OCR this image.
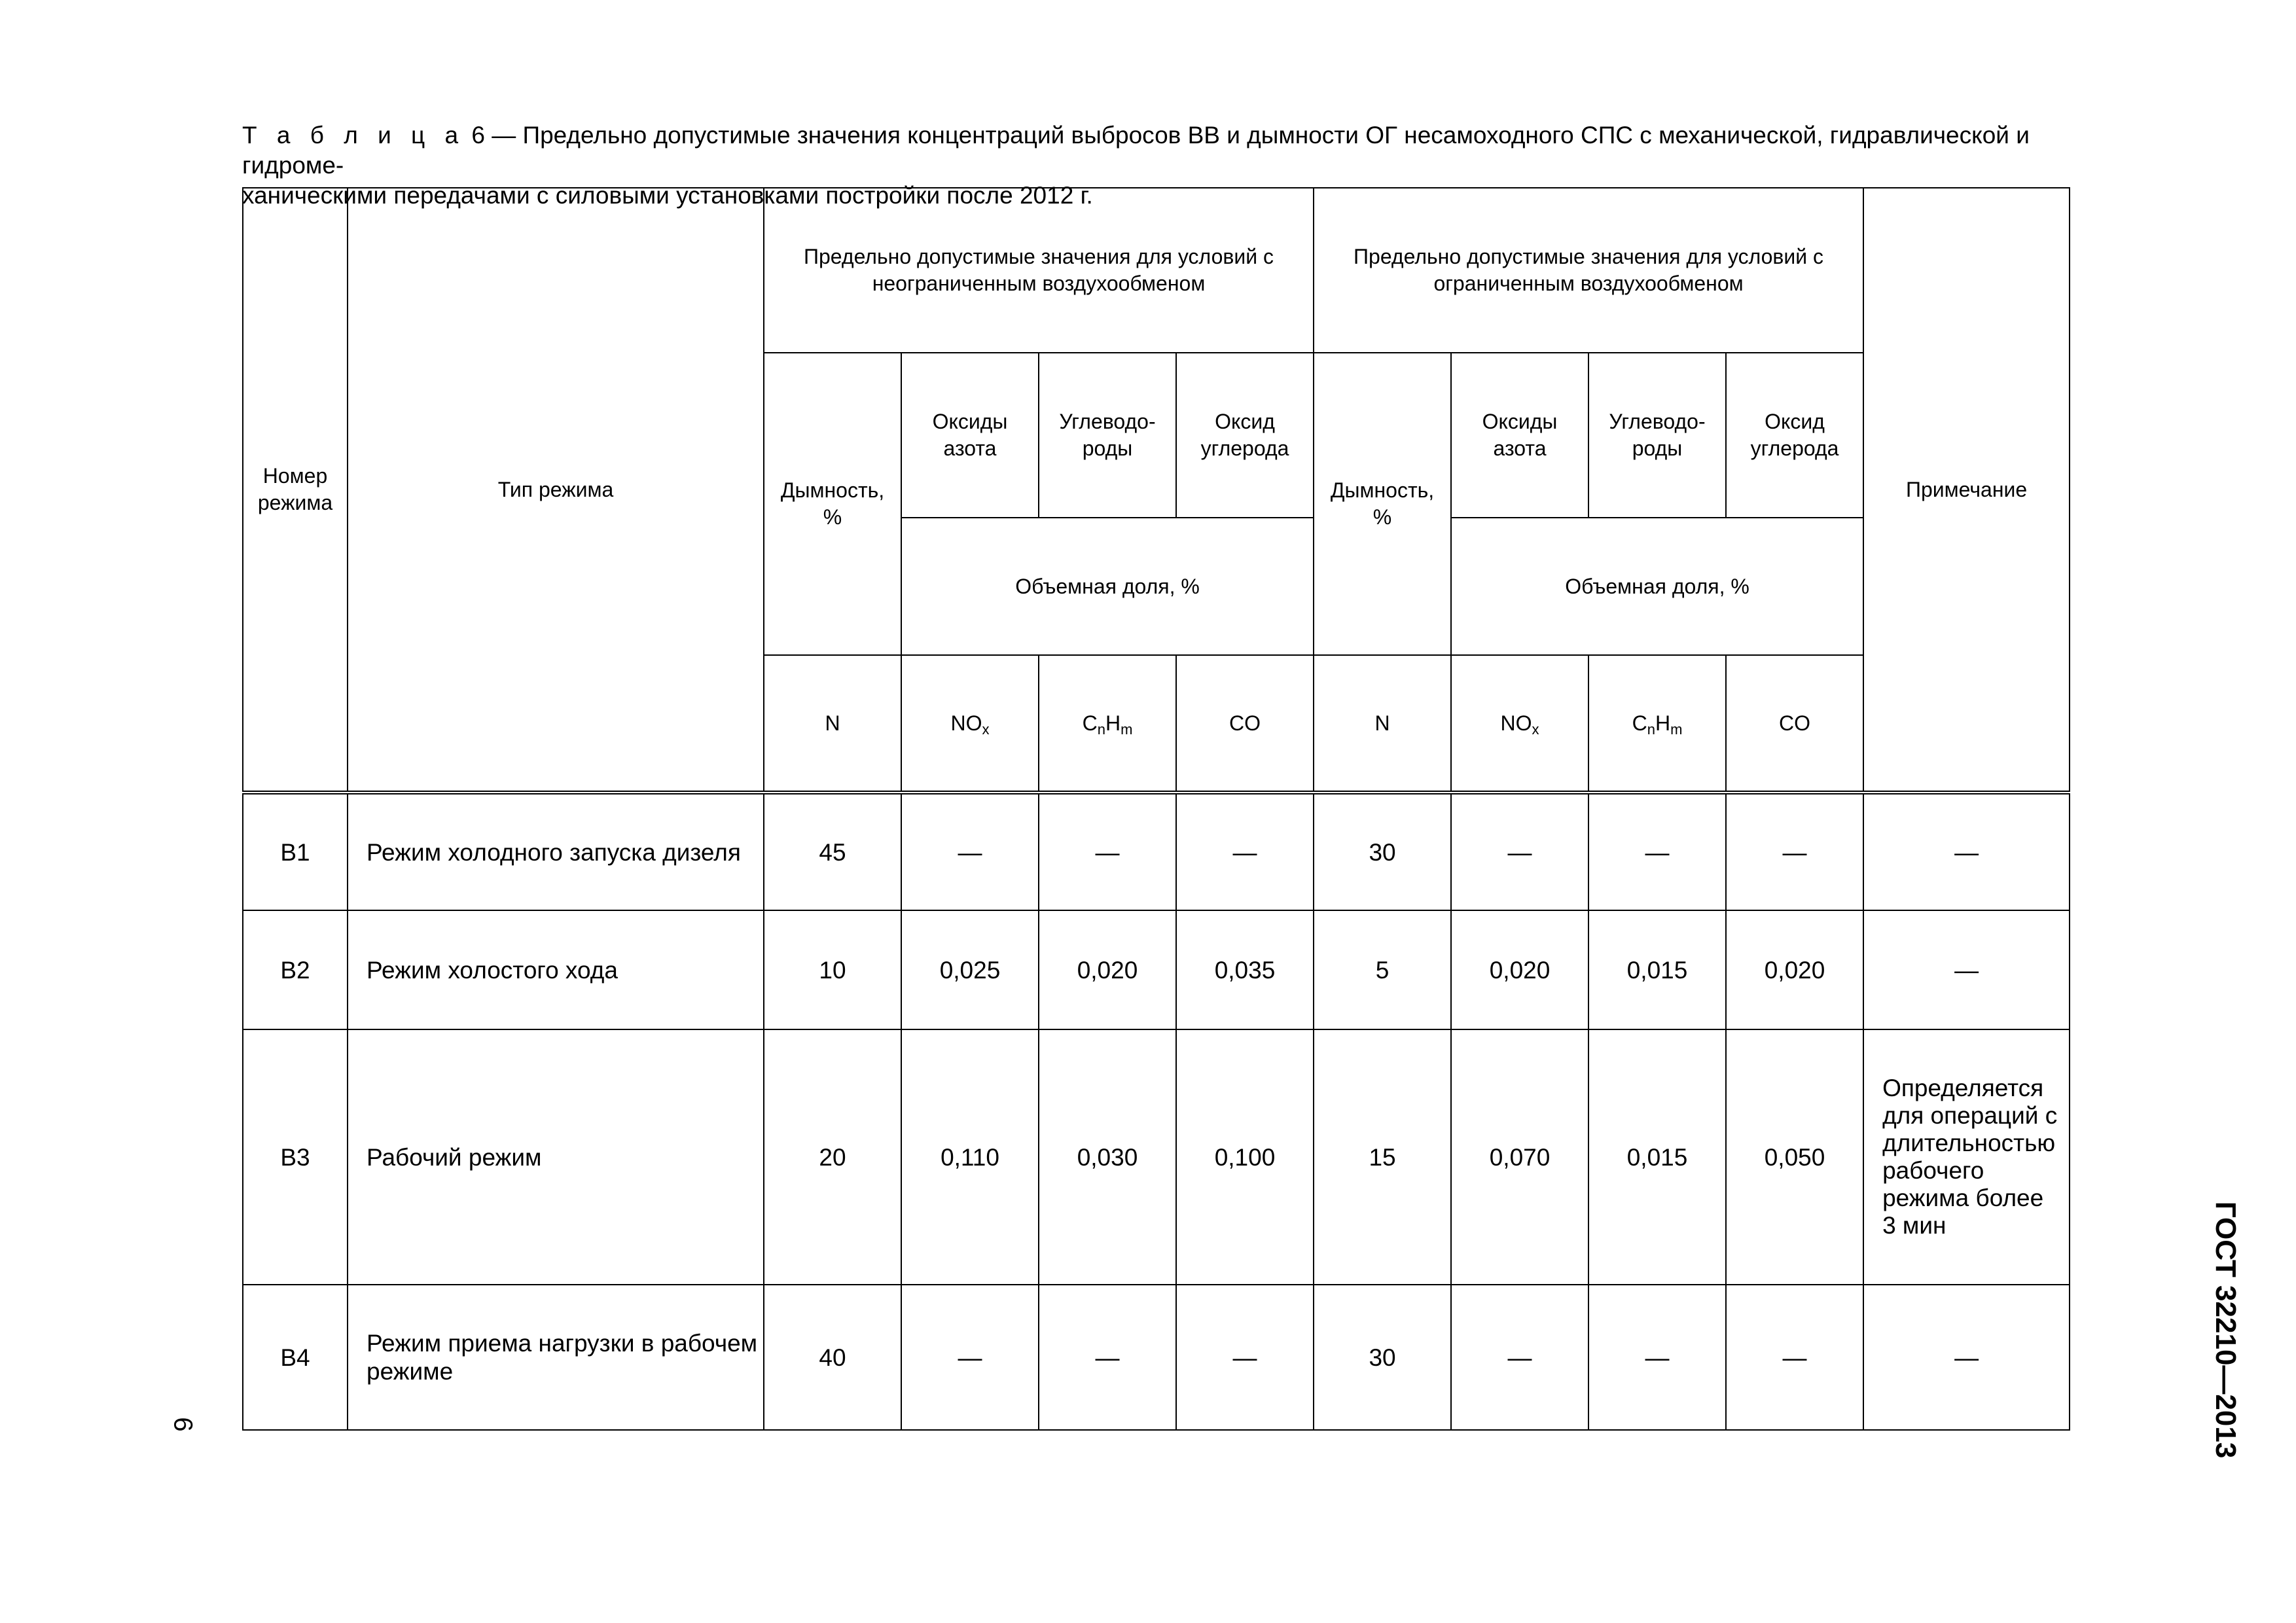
Т а б л и ц а 6 — Предельно допустимые значения концентраций выбросов ВВ и дымности ОГ несамоходного СПС с механической, гидравлической и гидроме-
ханическими передачами с силовыми установками постройки после 2012 г.
Номер режима	Тип режима	Предельно допустимые значения для условий с неограниченным воздухообменом				Предельно допустимые значения для условий с ограниченным воздухообменом				Примечание
		Дымность, %	Оксиды азота	Углеводо-роды	Оксид углерода	Дымность, %	Оксиды азота	Углеводо-роды	Оксид углерода	
			Объемная доля, %				Объемная доля, %			
		N	$NO_x$	$C_nH_m$	CO	N	$NO_x$	$C_nH_m$	CO	
В1	Режим холодного запуска дизеля	45	—	—	—	30	—	—	—	—
В2	Режим холостого хода	10	0,025	0,020	0,035	5	0,020	0,015	0,020	—
В3	Рабочий режим	20	0,110	0,030	0,100	15	0,070	0,015	0,050	Определяется для операций с длительностью рабочего режима более 3 мин
В4	Режим приема нагрузки в рабочем режиме	40	—	—	—	30	—	—	—	—
6	ГОСТ 32210—2013
